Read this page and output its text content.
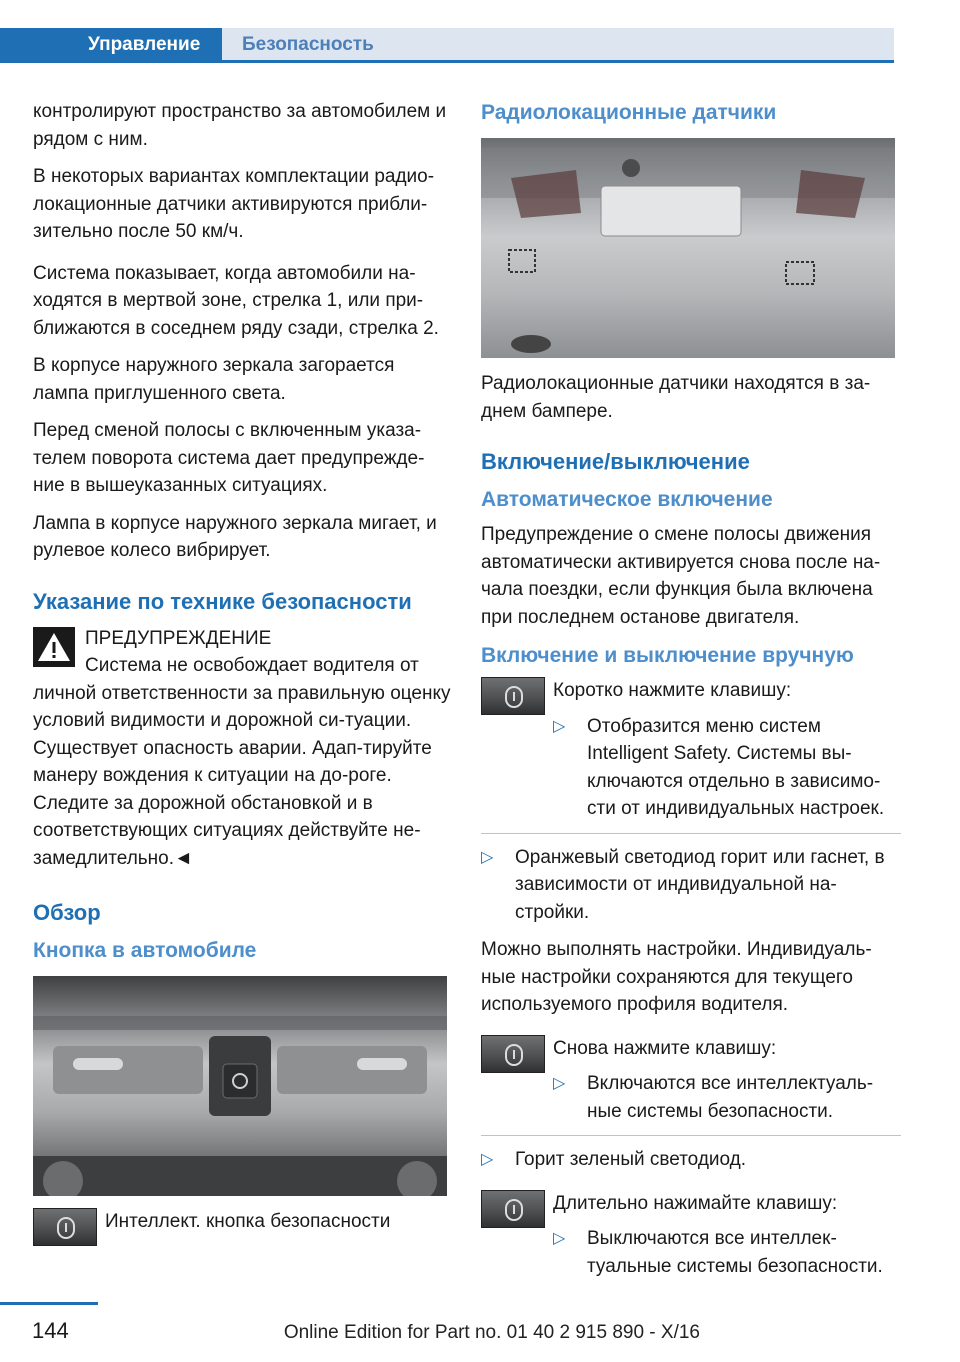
Управление	Безопасность

контролируют пространство за автомобилем и рядом с ним.

В некоторых вариантах комплектации радио-локационные датчики активируются прибли-зительно после 50 км/ч.

Система показывает, когда автомобили на-ходятся в мертвой зоне, стрелка 1, или при-ближаются в соседнем ряду сзади, стрелка 2.

В корпусе наружного зеркала загорается лампа приглушенного света.

Перед сменой полосы с включенным указа-телем поворота система дает предупрежде-ние в вышеуказанных ситуациях.

Лампа в корпусе наружного зеркала мигает, и рулевое колесо вибрирует.

Указание по технике безопасности
ПРЕДУПРЕЖДЕНИЕ
Система не освобождает водителя от личной ответственности за правильную оценку условий видимости и дорожной си-туации. Существует опасность аварии. Адап-тируйте манеру вождения к ситуации на до-роге. Следите за дорожной обстановкой и в соответствующих ситуациях действуйте не-замедлительно.◄
Обзор
Кнопка в автомобиле
Интеллект. кнопка безопасности
Радиолокационные датчики

Радиолокационные датчики находятся в за-днем бампере.

Включение/выключение
Автоматическое включение

Предупреждение о смене полосы движения автоматически активируется снова после на-чала поездки, если функция была включена при последнем останове двигателя.

Включение и выключение вручную
Коротко нажмите клавишу:
▷ Отобразится меню систем Intelligent Safety. Системы вы-ключаются отдельно в зависимо-сти от индивидуальных настроек.
▷ Оранжевый светодиод горит или гаснет, в зависимости от индивидуальной на-стройки.

Можно выполнять настройки. Индивидуаль-ные настройки сохраняются для текущего используемого профиля водителя.

Снова нажмите клавишу:
▷ Включаются все интеллектуаль-ные системы безопасности.
▷ Горит зеленый светодиод.
Длительно нажимайте клавишу:
▷ Выключаются все интеллек-туальные системы безопасности.
144	Online Edition for Part no. 01 40 2 915 890 - X/16
